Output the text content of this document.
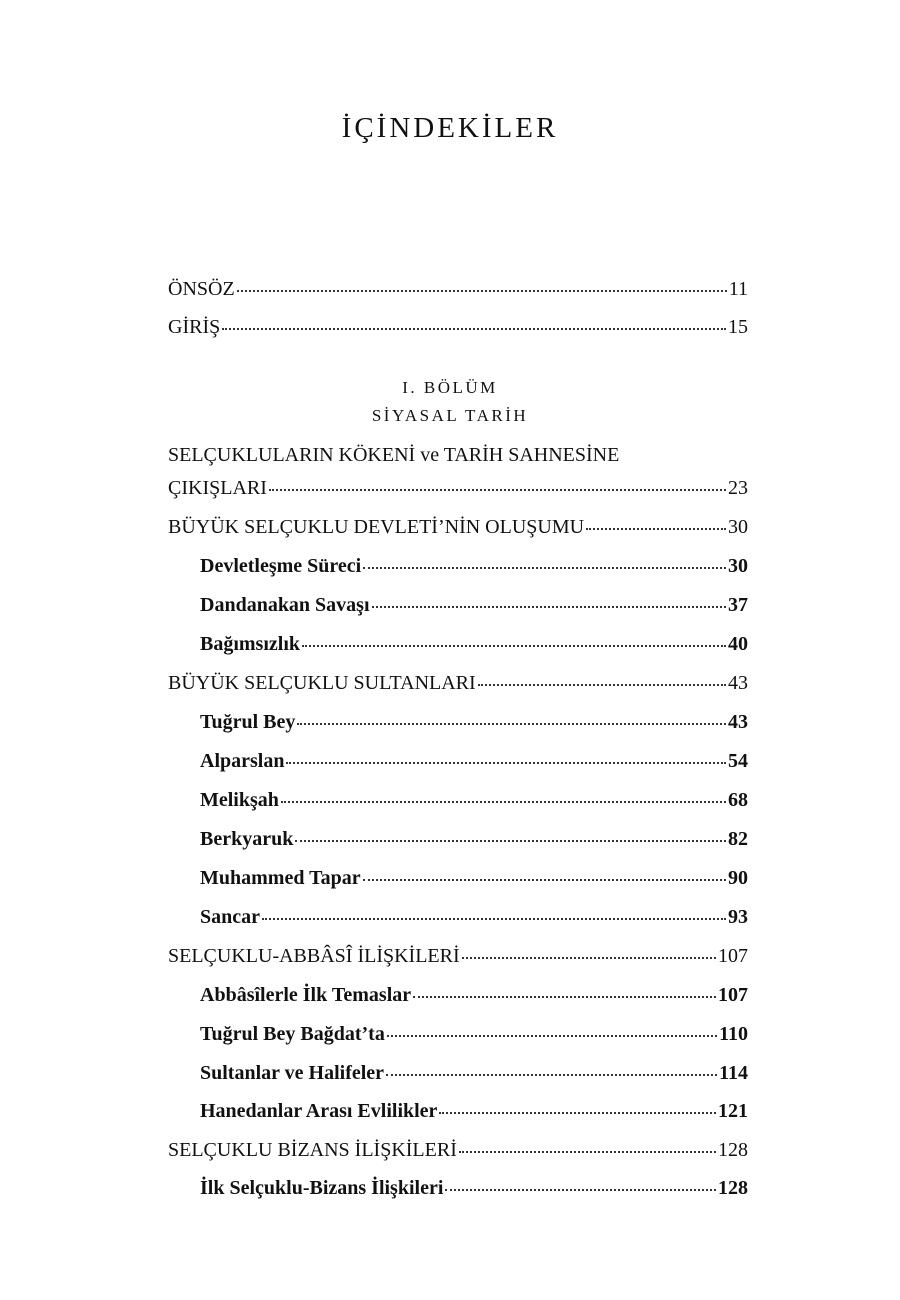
İÇİNDEKİLER
ÖNSÖZ	11
GİRİŞ	15
I. BÖLÜM
SİYASAL TARİH
SELÇUKLULARIN KÖKENİ ve TARİH SAHNESİNE
ÇIKIŞLARI	23
BÜYÜK SELÇUKLU DEVLETİ’NİN OLUŞUMU	30
Devletleşme Süreci	30
Dandanakan Savaşı	37
Bağımsızlık	40
BÜYÜK SELÇUKLU SULTANLARI	43
Tuğrul Bey	43
Alparslan	54
Melikşah	68
Berkyaruk	82
Muhammed Tapar	90
Sancar	93
SELÇUKLU-ABBÂSÎ İLİŞKİLERİ	107
Abbâsîlerle İlk Temaslar	107
Tuğrul Bey Bağdat’ta	110
Sultanlar ve Halifeler	114
Hanedanlar Arası Evlilikler	121
SELÇUKLU BİZANS İLİŞKİLERİ	128
İlk Selçuklu-Bizans İlişkileri	128
